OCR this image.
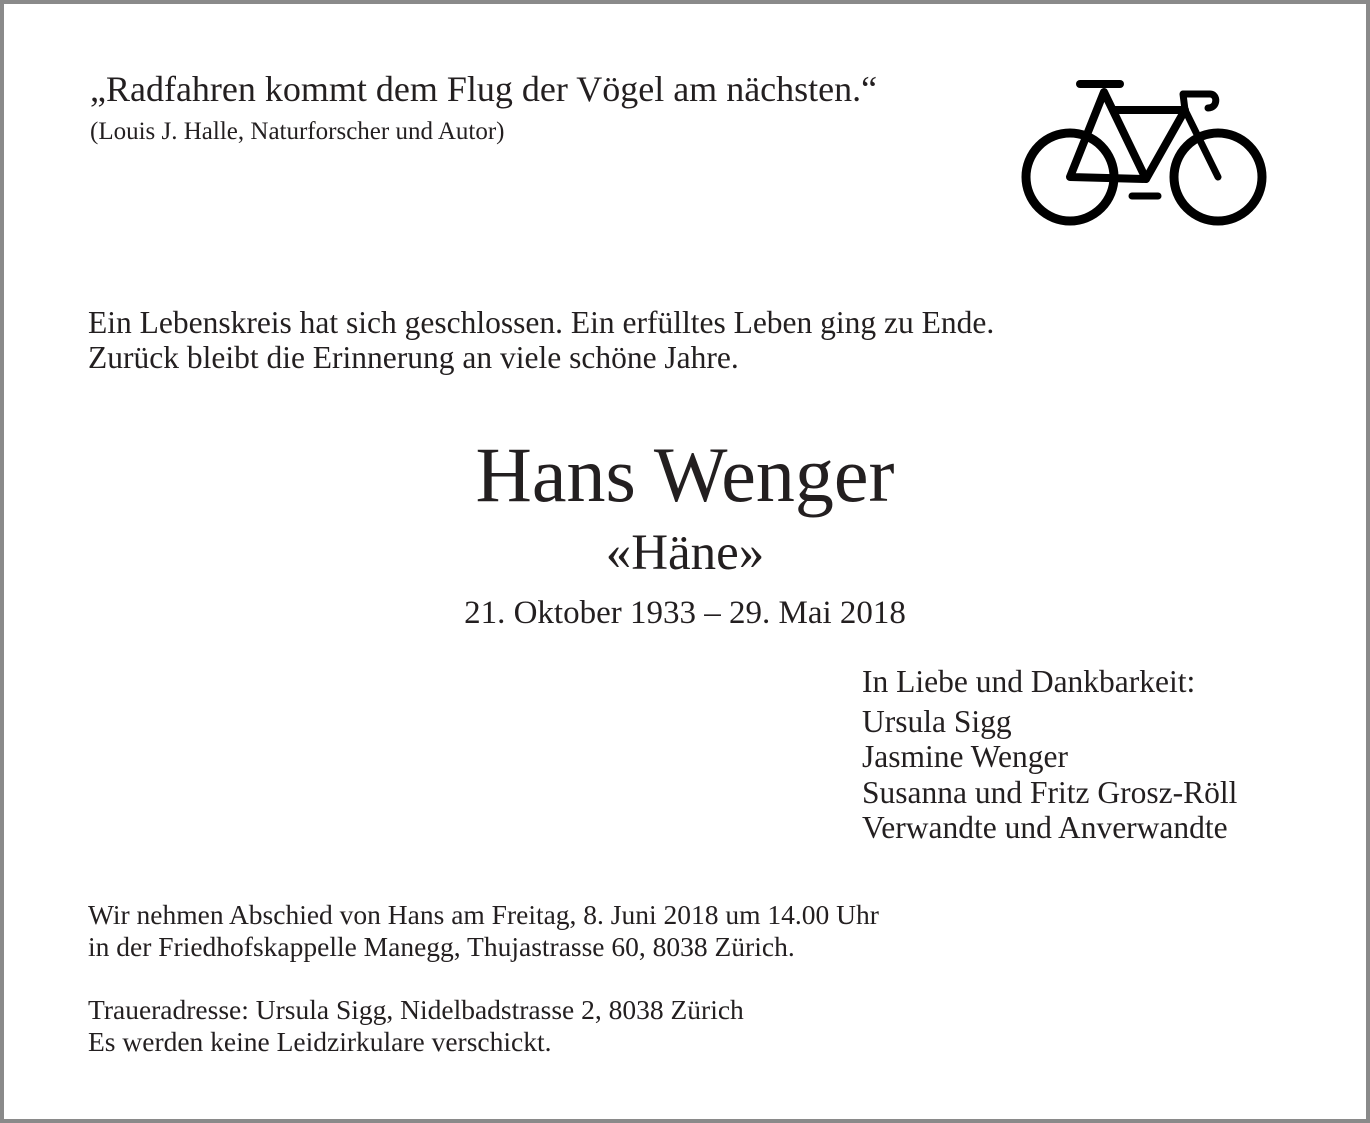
„Radfahren kommt dem Flug der Vögel am nächsten.“
(Louis J. Halle, Naturforscher und Autor)
Ein Lebenskreis hat sich geschlossen. Ein erfülltes Leben ging zu Ende.
Zurück bleibt die Erinnerung an viele schöne Jahre.
Hans Wenger
«Häne»
21. Oktober 1933 – 29. Mai 2018
In Liebe und Dankbarkeit:
Ursula Sigg
Jasmine Wenger
Susanna und Fritz Grosz-Röll
Verwandte und Anverwandte
Wir nehmen Abschied von Hans am Freitag, 8. Juni 2018 um 14.00 Uhr
in der Friedhofskappelle Manegg, Thujastrasse 60, 8038 Zürich.
Traueradresse: Ursula Sigg, Nidelbadstrasse 2, 8038 Zürich
Es werden keine Leidzirkulare verschickt.
